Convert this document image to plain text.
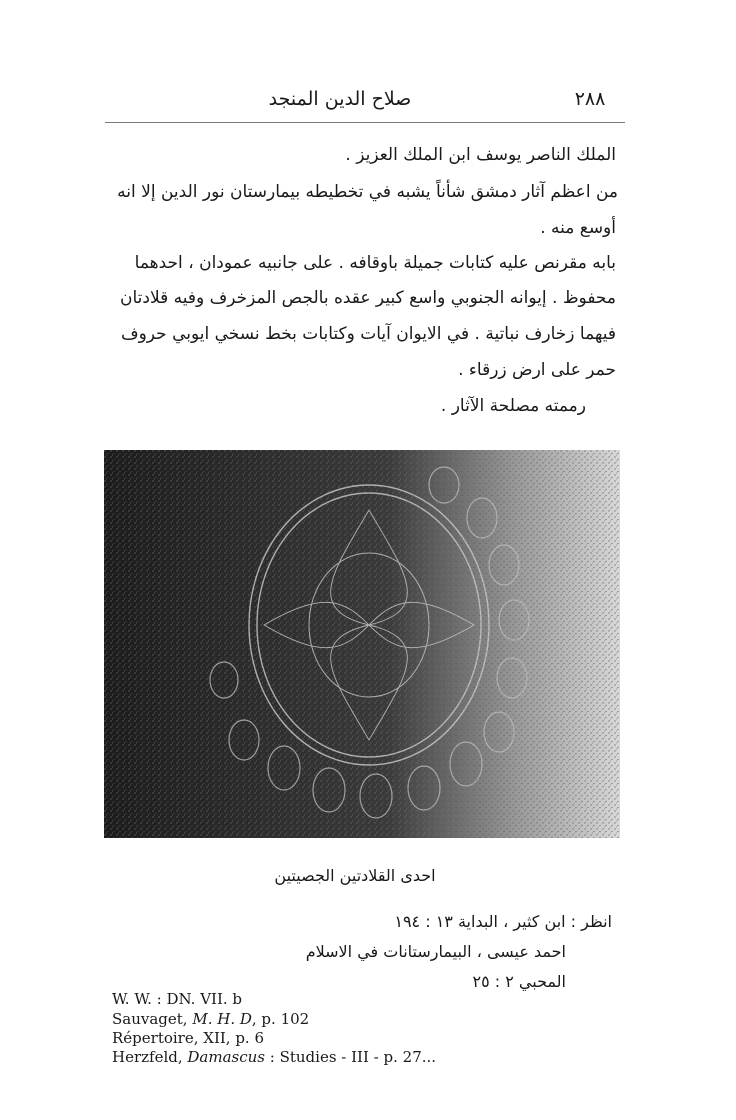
٢٨٨
صلاح الدين المنجد
الملك الناصر يوسف ابن الملك العزيز .
من اعظم آثار دمشق شأناً يشبه في تخطيطه بيمارستان نور الدين إلا انه
أوسع منه .
بابه مقرنص عليه كتابات جميلة باوقافه . على جانبيه عمودان ، احدهما
محفوظ . إيوانه الجنوبي واسع كبير عقده بالجص المزخرف وفيه قلادتان
فيهما زخارف نباتية . في الايوان آيات وكتابات بخط نسخي ايوبي حروف
حمر على ارض زرقاء .
رممته مصلحة الآثار .
احدى القلادتين الجصيتين
انظر : ابن كثير ، البداية ١٣ : ١٩٤
احمد عيسى ، البيمارستانات في الاسلام
المحبي ٢ : ٢٥
W. W. : DN. VII. b
Sauvaget, M. H. D, p. 102
Répertoire, XII, p. 6
Herzfeld, Damascus : Studies - III - p. 27...
